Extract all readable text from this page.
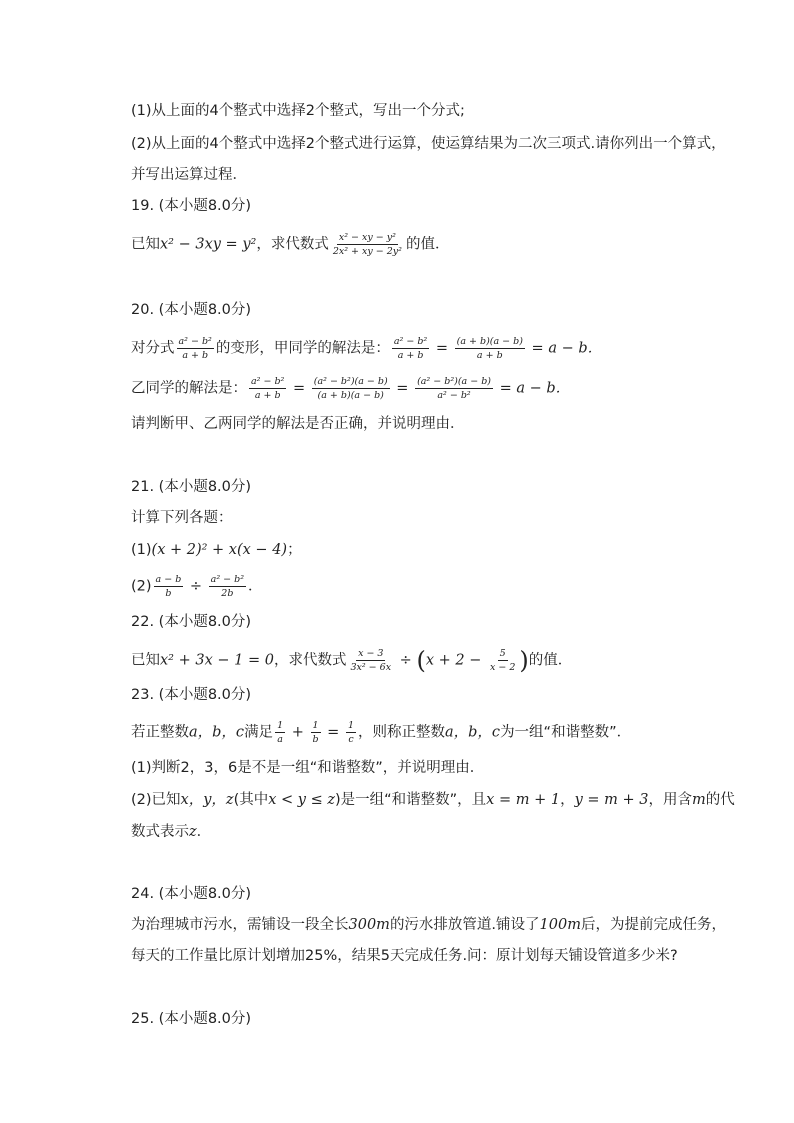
(1)从上面的4个整式中选择2个整式，写出一个分式;
(2)从上面的4个整式中选择2个整式进行运算，使运算结果为二次三项式.请你列出一个算式，
并写出运算过程．
19. (本小题8.0分)
已知x² − 3xy = y²，求代数式 $\frac{\text{x² − xy − y²}}{\text{2x² + xy − 2y²}}$ 的值．
20. (本小题8.0分)
对分式 $\frac{\text{a² − b²}}{a + b}$ 的变形，甲同学的解法是： $\frac{\text{a² − b²}}{a + b} = \frac{(a + b)(a - b)}{a + b} = a - b$．
乙同学的解法是： $\frac{\text{a² − b²}}{a + b} = \frac{\text{(a² − b²)(a − b)}}{(a + b)(a - b)} = \frac{\text{(a² − b²)(a − b)}}{\text{a² − b²}} = a - b$．
请判断甲、乙两同学的解法是否正确，并说明理由．
21. (本小题8.0分)
计算下列各题：
(1)(x + 2)² + x(x − 4)；
$(2) \frac{a - b}{b} \div \frac{\text{a² − b²}}{2b}$ ．
22. (本小题8.0分)
已知x² + 3x − 1 = 0，求代数式 $\frac{x - 3}{\text{3x² − 6x}} \div (x + 2 - \frac{5}{x - 2}$ )的值．
23. (本小题8.0分)
若正整数a，b，c满足 $\frac{1}{a} + \frac{1}{b} = \frac{1}{c}$ ，则称正整数a，b，c为一组“和谐整数”．
(1)判断2，3，6是不是一组“和谐整数”，并说明理由．
(2)已知x，y，z(其中x < y ≤ z)是一组“和谐整数”，且x = m + 1，y = m + 3，用含m的代
数式表示z．
24. (本小题8.0分)
为治理城市污水，需铺设一段全长300m的污水排放管道.铺设了100m后，为提前完成任务，
每天的工作量比原计划增加25%，结果5天完成任务.问：原计划每天铺设管道多少米?
25. (本小题8.0分)
